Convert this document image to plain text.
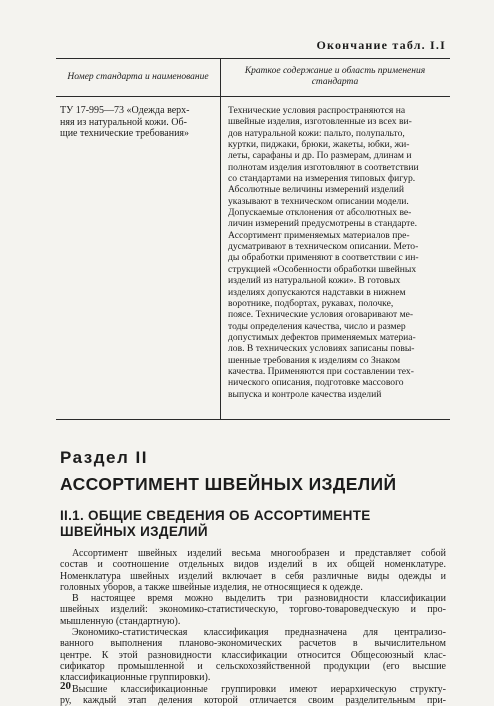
Окончание табл. I.I
Номер стандарта и наименование
Краткое содержание и область применения
стандарта
ТУ 17-995—73 «Одежда верх-
няя из натуральной кожи. Об-
щие технические требования»
Технические условия распространяются на
швейные изделия, изготовленные из всех ви-
дов натуральной кожи: пальто, полупальто,
куртки, пиджаки, брюки, жакеты, юбки, жи-
леты, сарафаны и др. По размерам, длинам и
полнотам изделия изготовляют в соответствии
со стандартами на измерения типовых фигур.
Абсолютные величины измерений изделий
указывают в техническом описании модели.
Допускаемые отклонения от абсолютных ве-
личин измерений предусмотрены в стандарте.
Ассортимент применяемых материалов пре-
дусматривают в техническом описании. Мето-
ды обработки применяют в соответствии с ин-
струкцией «Особенности обработки швейных
изделий из натуральной кожи». В готовых
изделиях допускаются надставки в нижнем
воротнике, подбортах, рукавах, полочке,
поясе. Технические условия оговаривают ме-
тоды определения качества, число и размер
допустимых дефектов применяемых материа-
лов. В технических условиях записаны повы-
шенные требования к изделиям со Знаком
качества. Применяются при составлении тех-
нического описания, подготовке массового
выпуска и контроле качества изделий
Раздел II
АССОРТИМЕНТ ШВЕЙНЫХ ИЗДЕЛИЙ
II.1. ОБЩИЕ СВЕДЕНИЯ ОБ АССОРТИМЕНТЕ
ШВЕЙНЫХ ИЗДЕЛИЙ
Ассортимент швейных изделий весьма многообразен и представляет собой
состав и соотношение отдельных видов изделий в их общей номенклатуре.
Номенклатура швейных изделий включает в себя различные виды одежды и
головных уборов, а также швейные изделия, не относящиеся к одежде.
В настоящее время можно выделить три разновидности классификации
швейных изделий: экономико-статистическую, торгово-товароведческую и про-
мышленную (стандартную).
Экономико-статистическая классификация предназначена для централизо-
ванного выполнения планово-экономических расчетов в вычислительном
центре. К этой разновидности классификации относится Общесоюзный клас-
сификатор промышленной и сельскохозяйственной продукции (его высшие
классификационные группировки).
Высшие классификационные группировки имеют иерархическую структу-
ру, каждый этап деления которой отличается своим разделительным при-
20
